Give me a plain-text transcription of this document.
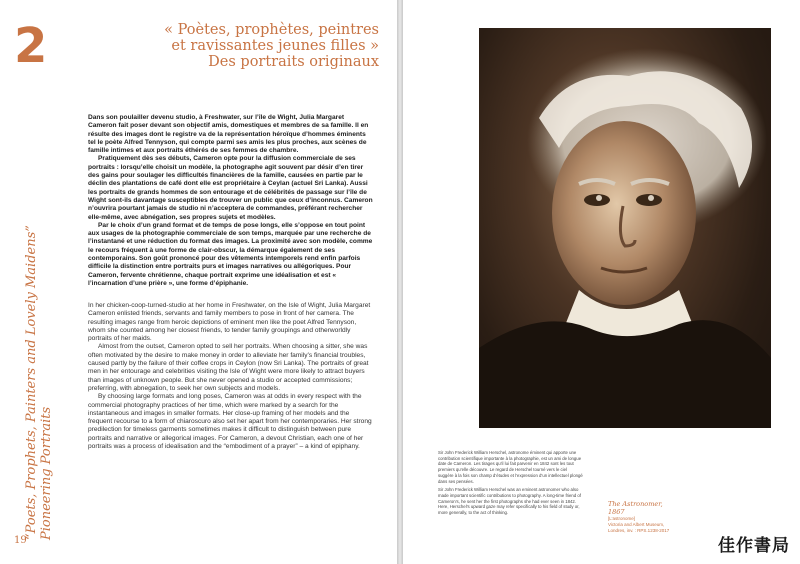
2	« Poètes, prophètes, peintres
et ravissantes jeunes filles »
Des portraits originaux
“Poets, Prophets, Painters and Lovely Maidens” Pioneering Portraits

Dans son poulailler devenu studio, à Freshwater, sur l’île de Wight, Julia Margaret Cameron fait poser devant son objectif amis, domestiques et membres de sa famille. Il en résulte des images dont le registre va de la représentation héroïque d’hommes éminents tel le poète Alfred Tennyson, qui compte parmi ses amis les plus proches, aux scènes de famille intimes et aux portraits éthérés de ses femmes de chambre.

Pratiquement dès ses débuts, Cameron opte pour la diffusion commerciale de ses portraits : lorsqu’elle choisit un modèle, la photographe agit souvent par désir d’en tirer des gains pour soulager les difficultés financières de la famille, causées en partie par le déclin des plantations de café dont elle est propriétaire à Ceylan (actuel Sri Lanka). Aussi les portraits de grands hommes de son entourage et de célébrités de passage sur l’île de Wight sont-ils davantage susceptibles de trouver un public que ceux d’inconnus. Cameron n’ouvrira pourtant jamais de studio ni n’acceptera de commandes, préférant rechercher elle-même, avec abnégation, ses propres sujets et modèles.

Par le choix d’un grand format et de temps de pose longs, elle s’oppose en tout point aux usages de la photographie commerciale de son temps, marquée par une recherche de l’instantané et une réduction du format des images. La proximité avec son modèle, comme le recours fréquent à une forme de clair-obscur, la démarque également de ses contemporains. Son goût prononcé pour des vêtements intemporels rend enfin parfois difficile la distinction entre portraits purs et images narratives ou allégoriques. Pour Cameron, fervente chrétienne, chaque portrait exprime une idéalisation et est « l’incarnation d’une prière », une forme d’épiphanie.

In her chicken-coop-turned-studio at her home in Freshwater, on the Isle of Wight, Julia Margaret Cameron enlisted friends, servants and family members to pose in front of her camera. The resulting images range from heroic depictions of eminent men like the poet Alfred Tennyson, whom she counted among her closest friends, to tender family groupings and otherworldly portraits of her maids.

Almost from the outset, Cameron opted to sell her portraits. When choosing a sitter, she was often motivated by the desire to make money in order to alleviate her family’s financial troubles, caused partly by the failure of their coffee crops in Ceylon (now Sri Lanka). The portraits of great men in her entourage and celebrities visiting the Isle of Wight were more likely to attract buyers than images of unknown people. But she never opened a studio or accepted commissions; preferring, with abnegation, to seek her own subjects and models.

By choosing large formats and long poses, Cameron was at odds in every respect with the commercial photography practices of her time, which were marked by a search for the instantaneous and images in smaller formats. Her close-up framing of her models and the frequent recourse to a form of chiaroscuro also set her apart from her contemporaries. Her strong predilection for timeless garments sometimes makes it difficult to distinguish between pure portraits and narrative or allegorical images. For Cameron, a devout Christian, each one of her portraits was a process of idealisation and the “embodiment of a prayer” – a kind of epiphany.

19

Sir John Frederick William Herschel, astronome éminent qui apporte une contribution scientifique importante à la photographie, est un ami de longue date de Cameron. Les tirages qu’il lui fait parvenir en 1842 sont les tout premiers qu’elle découvre. Le regard de Herschel tourné vers le ciel suggère à la fois son champ d’études et l’expression d’un intellectuel plongé dans ses pensées.

Sir John Frederick William Herschel was an eminent astronomer who also made important scientific contributions to photography. A long-time friend of Cameron’s, he sent her the first photographs she had ever seen in 1842. Here, Herschel’s upward gaze may refer specifically to his field of study or, more generally, to the act of thinking.

The Astronomer, 1867
[L’astronome]
Victoria and Albert Museum,
Londres, inv. : RPS.1238-2017
佳作書局
